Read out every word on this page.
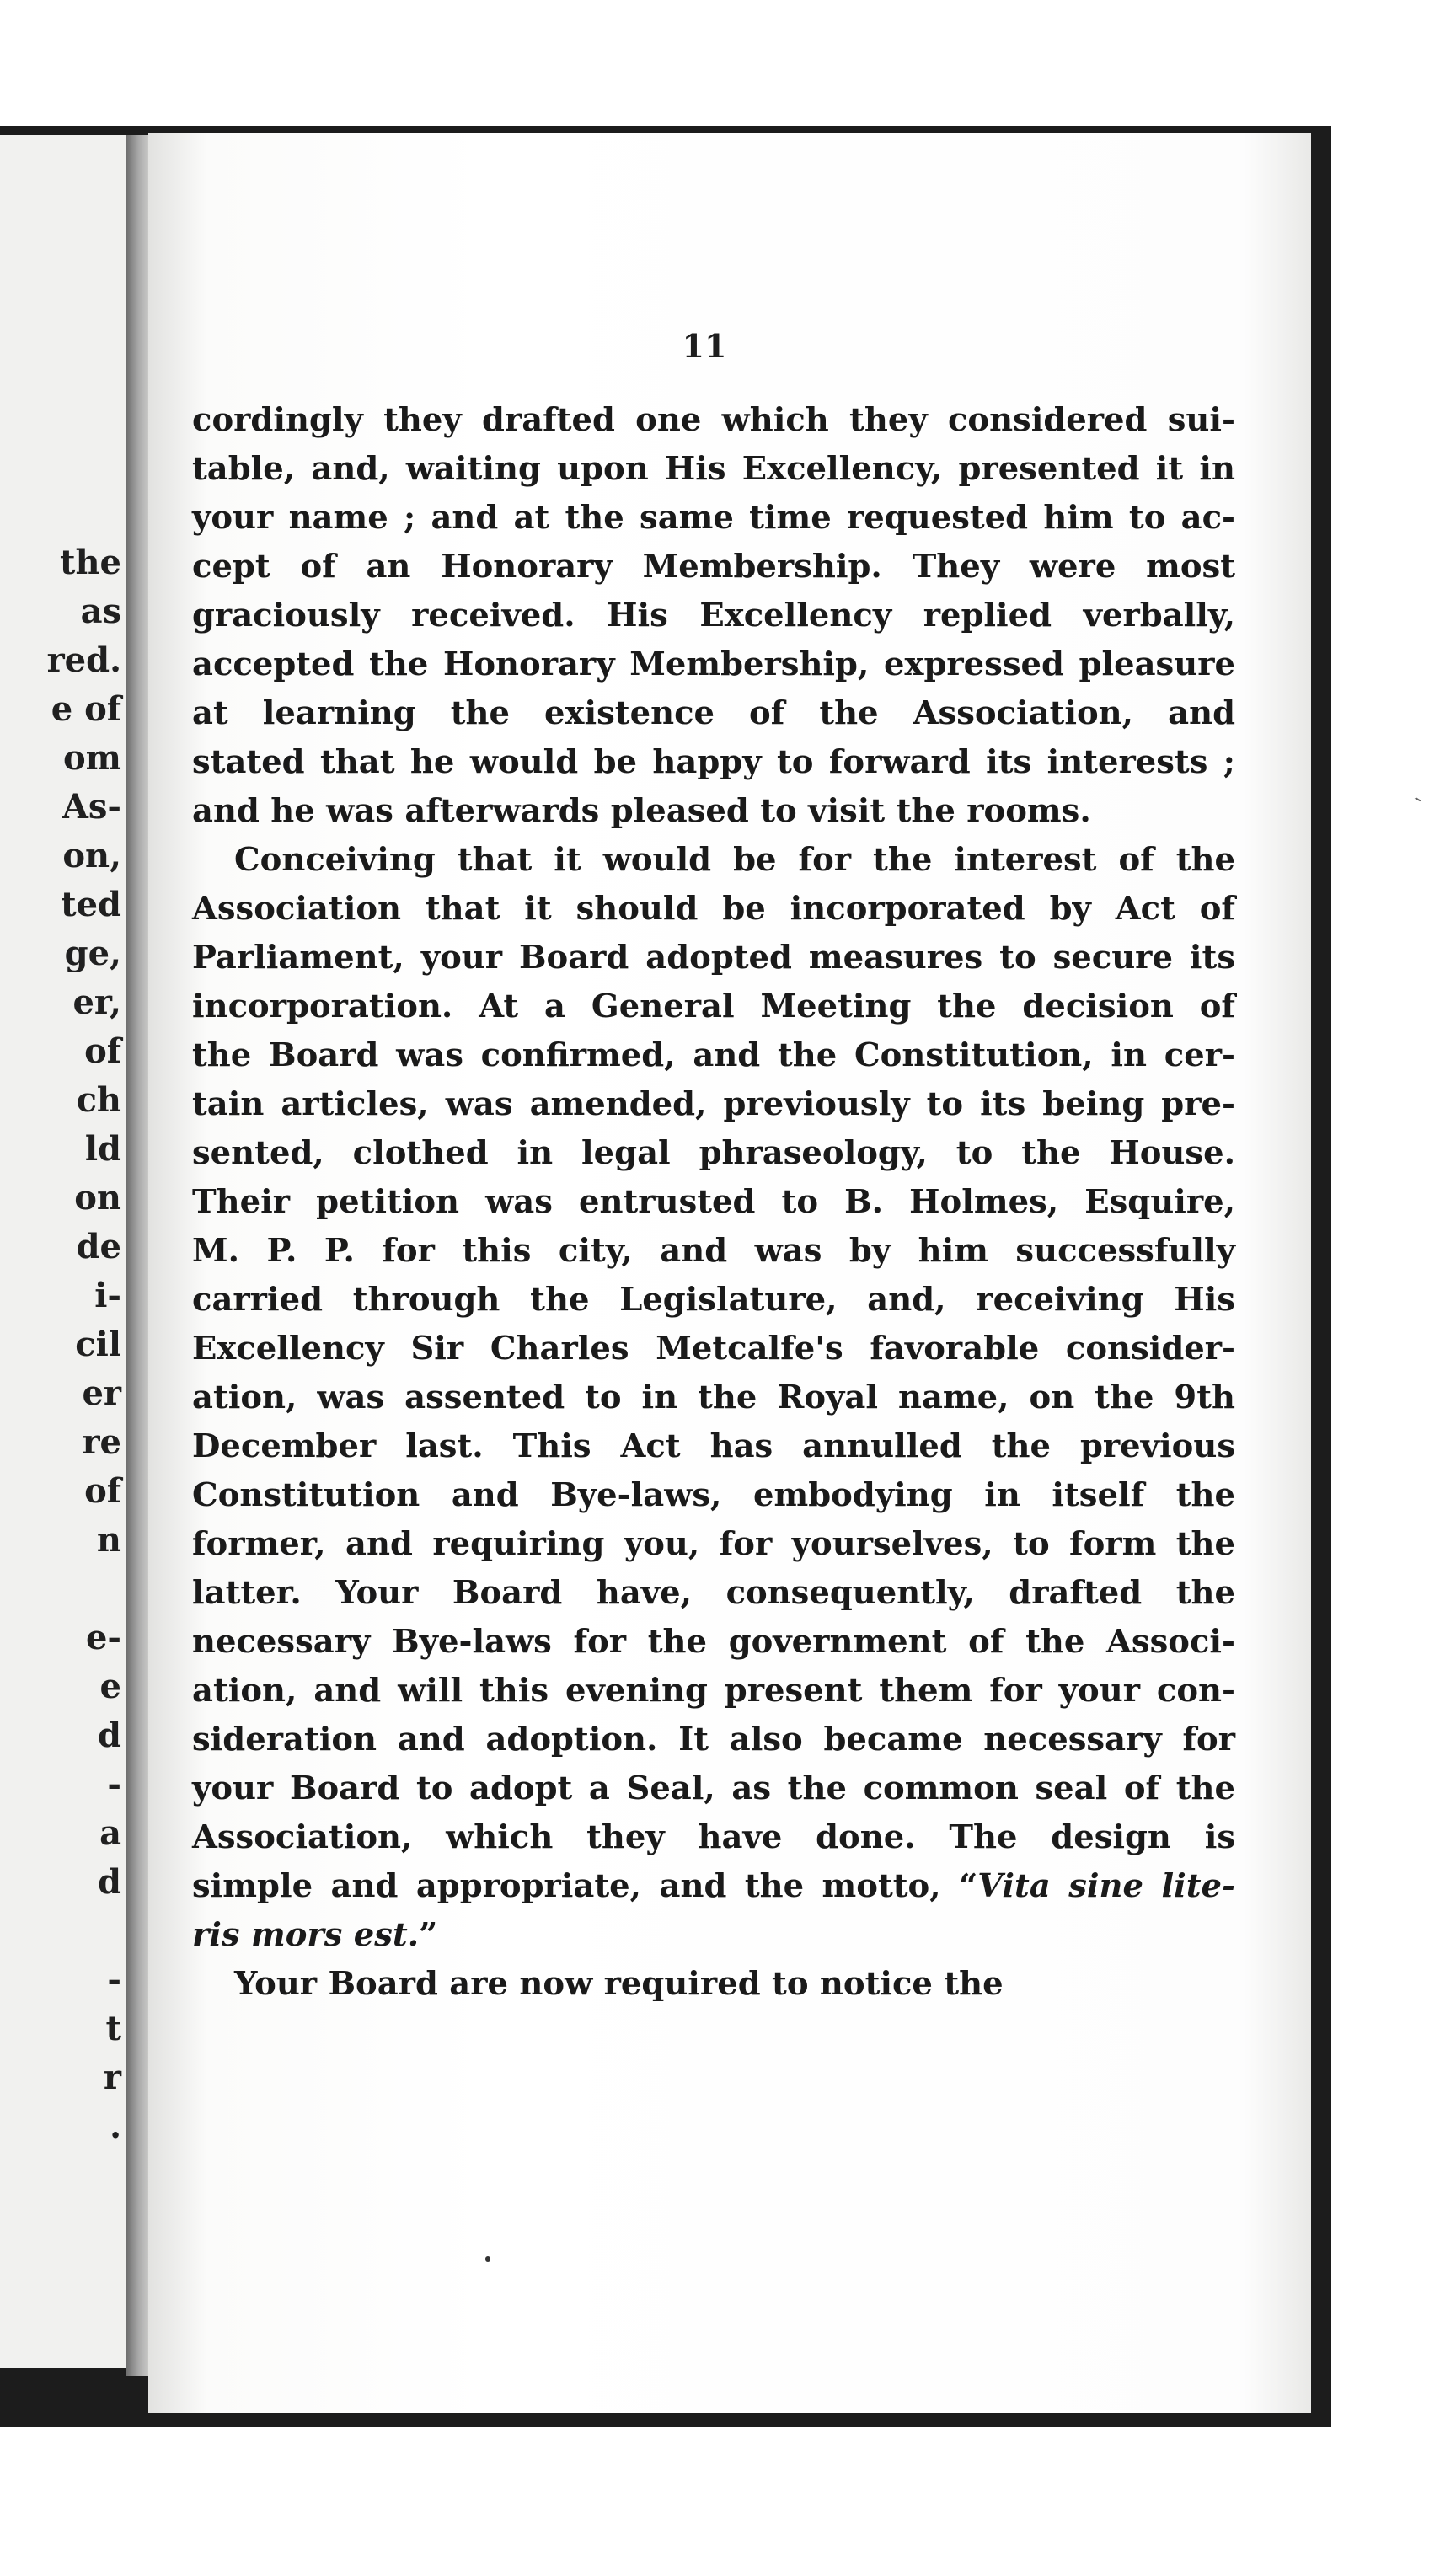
the
as
red.
e of
om
As-
on,
ted
ge,
er,
of
ch
ld
on
de
i-
cil
er
re
of
n
e-
e
d
-
a
d
-
t
r
.
11
cordingly they drafted one which they considered sui-
table, and, waiting upon His Excellency, presented it in
your name ; and at the same time requested him to ac-
cept of an Honorary Membership. They were most
graciously received. His Excellency replied verbally,
accepted the Honorary Membership, expressed pleasure
at learning the existence of the Association, and
stated that he would be happy to forward its interests ;
and he was afterwards pleased to visit the rooms.
Conceiving that it would be for the interest of the
Association that it should be incorporated by Act of
Parliament, your Board adopted measures to secure its
incorporation. At a General Meeting the decision of
the Board was confirmed, and the Constitution, in cer-
tain articles, was amended, previously to its being pre-
sented, clothed in legal phraseology, to the House.
Their petition was entrusted to B. Holmes, Esquire,
M. P. P. for this city, and was by him successfully
carried through the Legislature, and, receiving His
Excellency Sir Charles Metcalfe's favorable consider-
ation, was assented to in the Royal name, on the 9th
December last. This Act has annulled the previous
Constitution and Bye-laws, embodying in itself the
former, and requiring you, for yourselves, to form the
latter. Your Board have, consequently, drafted the
necessary Bye-laws for the government of the Associ-
ation, and will this evening present them for your con-
sideration and adoption. It also became necessary for
your Board to adopt a Seal, as the common seal of the
Association, which they have done. The design is
simple and appropriate, and the motto, “Vita sine lite-
ris mors est.”
Your Board are now required to notice the
ˎ
